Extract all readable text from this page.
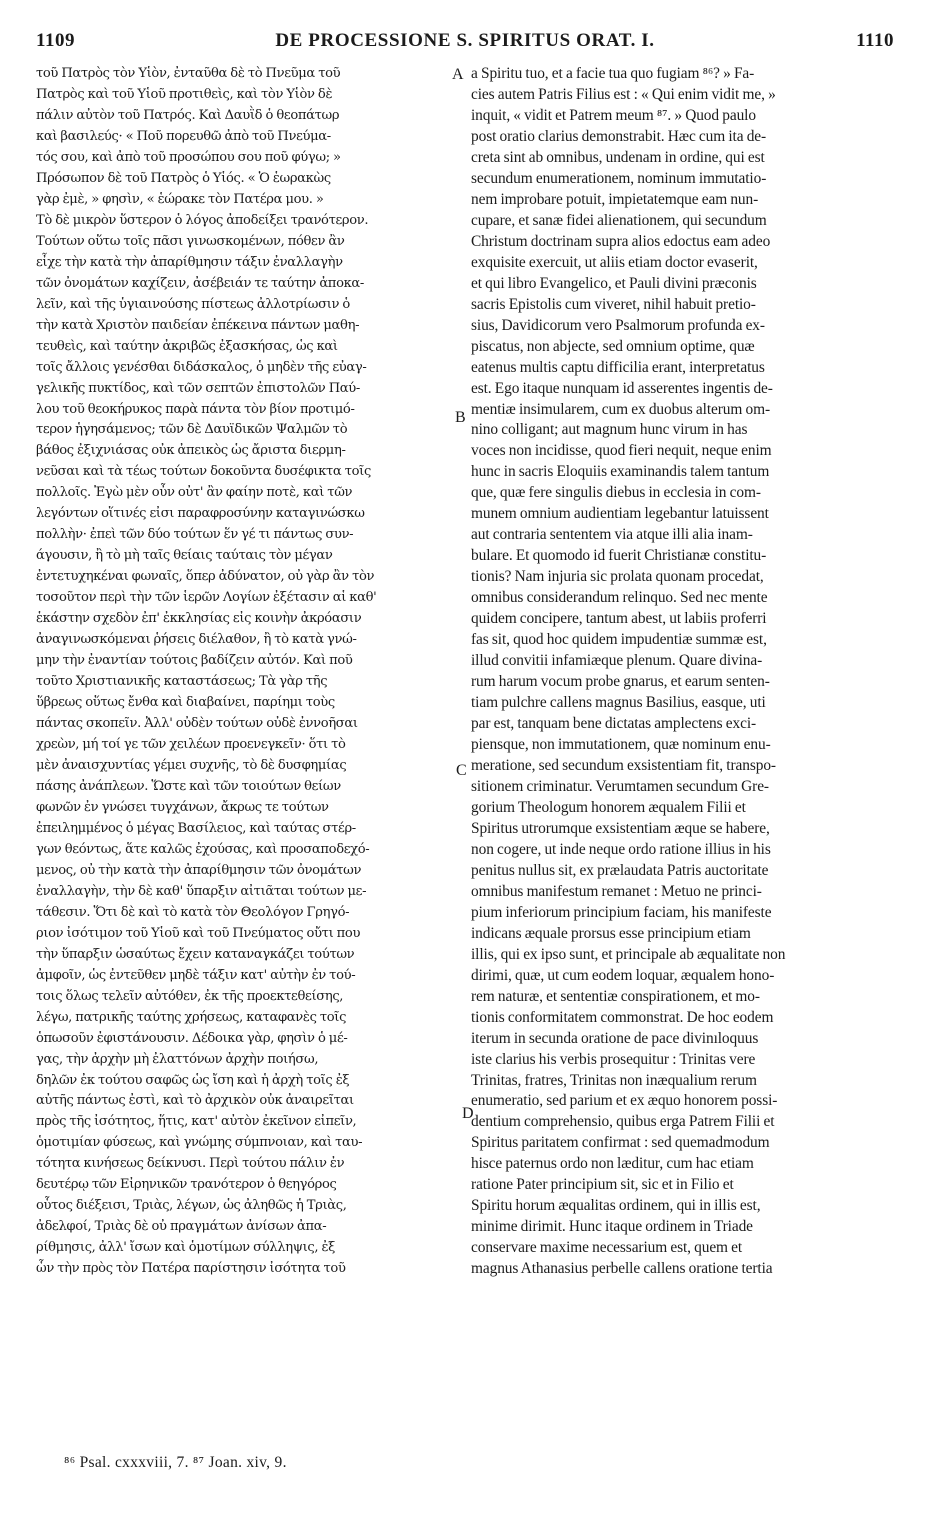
1109	DE PROCESSIONE S. SPIRITUS ORAT. I.	1110

τοῦ Πατρὸς τὸν Υἱὸν, ἐνταῦθα δὲ τὸ Πνεῦμα τοῦ

Πατρὸς καὶ τοῦ Υἱοῦ προτιθεὶς, καὶ τὸν Υἱὸν δὲ

πάλιν αὐτὸν τοῦ Πατρός. Καὶ Δαυῒδ ὁ θεοπάτωρ

καὶ βασιλεύς· « Ποῦ πορευθῶ ἀπὸ τοῦ Πνεύμα-

τός σου, καὶ ἀπὸ τοῦ προσώπου σου ποῦ φύγω; »

Πρόσωπον δὲ τοῦ Πατρὸς ὁ Υἱός. « Ὁ ἑωρακὼς

γὰρ ἐμὲ, » φησὶν, « ἑώρακε τὸν Πατέρα μου. »

Τὸ δὲ μικρὸν ὕστερον ὁ λόγος ἀποδείξει τρανότερον.

Τούτων οὕτω τοῖς πᾶσι γινωσκομένων, πόθεν ἂν

εἶχε τὴν κατὰ τὴν ἀπαρίθμησιν τάξιν ἐναλλαγὴν

τῶν ὀνομάτων καχίζειν, ἀσέβειάν τε ταύτην ἀποκα-

λεῖν, καὶ τῆς ὑγιαινούσης πίστεως ἀλλοτρίωσιν ὁ

τὴν κατὰ Χριστὸν παιδείαν ἐπέκεινα πάντων μαθη-

τευθεὶς, καὶ ταύτην ἀκριβῶς ἐξασκήσας, ὡς καὶ

τοῖς ἄλλοις γενέσθαι διδάσκαλος, ὁ μηδὲν τῆς εὐαγ-

γελικῆς πυκτίδος, καὶ τῶν σεπτῶν ἐπιστολῶν Παύ-

λου τοῦ θεοκήρυκος παρὰ πάντα τὸν βίον προτιμό-

τερον ἡγησάμενος; τῶν δὲ Δαυϊδικῶν Ψαλμῶν τὸ

βάθος ἐξιχνιάσας οὐκ ἀπεικὸς ὡς ἄριστα διερμη-

νεῦσαι καὶ τὰ τέως τούτων δοκοῦντα δυσέφικτα τοῖς

πολλοῖς. Ἐγὼ μὲν οὖν οὐτ' ἂν φαίην ποτὲ, καὶ τῶν

λεγόντων οἵτινές εἰσι παραφροσύνην καταγινώσκω

πολλὴν· ἐπεὶ τῶν δύο τούτων ἕν γέ τι πάντως συν-

άγουσιν, ἢ τὸ μὴ ταῖς θείαις ταύταις τὸν μέγαν

ἐντετυχηκέναι φωναῖς, ὅπερ ἀδύνατον, οὐ γὰρ ἂν τὸν

τοσοῦτον περὶ τὴν τῶν ἱερῶν Λογίων ἐξέτασιν αἱ καθ'

ἑκάστην σχεδὸν ἐπ' ἐκκλησίας εἰς κοινὴν ἀκρόασιν

ἀναγινωσκόμεναι ῥήσεις διέλαθον, ἢ τὸ κατὰ γνώ-

μην τὴν ἐναντίαν τούτοις βαδίζειν αὐτόν. Καὶ ποῦ

τοῦτο Χριστιανικῆς καταστάσεως; Τὰ γὰρ τῆς

ὕβρεως οὕτως ἔνθα καὶ διαβαίνει, παρίημι τοὺς

πάντας σκοπεῖν. Ἀλλ' οὐδὲν τούτων οὐδὲ ἐννοῆσαι

χρεὼν, μή τοί γε τῶν χειλέων προενεγκεῖν· ὅτι τὸ

μὲν ἀναισχυντίας γέμει συχνῆς, τὸ δὲ δυσφημίας

πάσης ἀνάπλεων. Ὥστε καὶ τῶν τοιούτων θείων

φωνῶν ἐν γνώσει τυγχάνων, ἄκρως τε τούτων

ἐπειλημμένος ὁ μέγας Βασίλειος, καὶ ταύτας στέρ-

γων θεόντως, ἅτε καλῶς ἐχούσας, καὶ προσαποδεχό-

μενος, οὐ τὴν κατὰ τὴν ἀπαρίθμησιν τῶν ὀνομάτων

ἐναλλαγὴν, τὴν δὲ καθ' ὕπαρξιν αἰτιᾶται τούτων με-

τάθεσιν. Ὅτι δὲ καὶ τὸ κατὰ τὸν Θεολόγον Γρηγό-

ριον ἰσότιμον τοῦ Υἱοῦ καὶ τοῦ Πνεύματος οὔτι που

τὴν ὕπαρξιν ὡσαύτως ἔχειν καταναγκάζει τούτων

ἀμφοῖν, ὡς ἐντεῦθεν μηδὲ τάξιν κατ' αὐτὴν ἐν τού-

τοις ὅλως τελεῖν αὐτόθεν, ἐκ τῆς προεκτεθείσης,

λέγω, πατρικῆς ταύτης χρήσεως, καταφανὲς τοῖς

ὁπωσοῦν ἐφιστάνουσιν. Δέδοικα γὰρ, φησὶν ὁ μέ-

γας, τὴν ἀρχὴν μὴ ἐλαττόνων ἀρχὴν ποιήσω,

δηλῶν ἐκ τούτου σαφῶς ὡς ἴση καὶ ἡ ἀρχὴ τοῖς ἐξ

αὐτῆς πάντως ἐστὶ, καὶ τὸ ἀρχικὸν οὐκ ἀναιρεῖται

πρὸς τῆς ἰσότητος, ἥτις, κατ' αὐτὸν ἐκεῖνον εἰπεῖν,

ὁμοτιμίαν φύσεως, καὶ γνώμης σύμπνοιαν, καὶ ταυ-

τότητα κινήσεως δείκνυσι. Περὶ τούτου πάλιν ἐν

δευτέρῳ τῶν Εἰρηνικῶν τρανότερον ὁ θεηγόρος

οὗτος διέξεισι, Τριὰς, λέγων, ὡς ἀληθῶς ἡ Τριὰς,

ἀδελφοί, Τριὰς δὲ οὐ πραγμάτων ἀνίσων ἀπα-

ρίθμησις, ἀλλ' ἴσων καὶ ὁμοτίμων σύλληψις, ἐξ

ὧν τὴν πρὸς τὸν Πατέρα παρίστησιν ἰσότητα τοῦ

a Spiritu tuo, et a facie tua quo fugiam ⁸⁶? » Fa-

cies autem Patris Filius est : « Qui enim vidit me, »

inquit, « vidit et Patrem meum ⁸⁷. » Quod paulo

post oratio clarius demonstrabit. Hæc cum ita de-

creta sint ab omnibus, undenam in ordine, qui est

secundum enumerationem, nominum immutatio-

nem improbare potuit, impietatemque eam nun-

cupare, et sanæ fidei alienationem, qui secundum

Christum doctrinam supra alios edoctus eam adeo

exquisite exercuit, ut aliis etiam doctor evaserit,

et qui libro Evangelico, et Pauli divini præconis

sacris Epistolis cum viveret, nihil habuit pretio-

sius, Davidicorum vero Psalmorum profunda ex-

piscatus, non abjecte, sed omnium optime, quæ

eatenus multis captu difficilia erant, interpretatus

est. Ego itaque nunquam id asserentes ingentis de-

mentiæ insimularem, cum ex duobus alterum om-

nino colligant; aut magnum hunc virum in has

voces non incidisse, quod fieri nequit, neque enim

hunc in sacris Eloquiis examinandis talem tantum

que, quæ fere singulis diebus in ecclesia in com-

munem omnium audientiam legebantur latuissent

aut contraria sententem via atque illi alia inam-

bulare. Et quomodo id fuerit Christianæ constitu-

tionis? Nam injuria sic prolata quonam procedat,

omnibus considerandum relinquo. Sed nec mente

quidem concipere, tantum abest, ut labiis proferri

fas sit, quod hoc quidem impudentiæ summæ est,

illud convitii infamiæque plenum. Quare divina-

rum harum vocum probe gnarus, et earum senten-

tiam pulchre callens magnus Basilius, easque, uti

par est, tanquam bene dictatas amplectens exci-

piensque, non immutationem, quæ nominum enu-

meratione, sed secundum exsistentiam fit, transpo-

sitionem criminatur. Verumtamen secundum Gre-

gorium Theologum honorem æqualem Filii et

Spiritus utrorumque exsistentiam æque se habere,

non cogere, ut inde neque ordo ratione illius in his

penitus nullus sit, ex prælaudata Patris auctoritate

omnibus manifestum remanet : Metuo ne princi-

pium inferiorum principium faciam, his manifeste

indicans æquale prorsus esse principium etiam

illis, qui ex ipso sunt, et principale ab æqualitate non

dirimi, quæ, ut cum eodem loquar, æqualem hono-

rem naturæ, et sententiæ conspirationem, et mo-

tionis conformitatem commonstrat. De hoc eodem

iterum in secunda oratione de pace divinıloquus

iste clarius his verbis prosequitur : Trinitas vere

Trinitas, fratres, Trinitas non inæqualium rerum

enumeratio, sed parium et ex æquo honorem possi-

dentium comprehensio, quibus erga Patrem Filii et

Spiritus paritatem confirmat : sed quemadmodum

hisce paternus ordo non læditur, cum hac etiam

ratione Pater principium sit, sic et in Filio et

Spiritu horum æqualitas ordinem, qui in illis est,

minime dirimit. Hunc itaque ordinem in Triade

conservare maxime necessarium est, quem et

magnus Athanasius perbelle callens oratione tertia

A
B
C
D
⁸⁶ Psal. cxxxviii, 7. ⁸⁷ Joan. xiv, 9.
